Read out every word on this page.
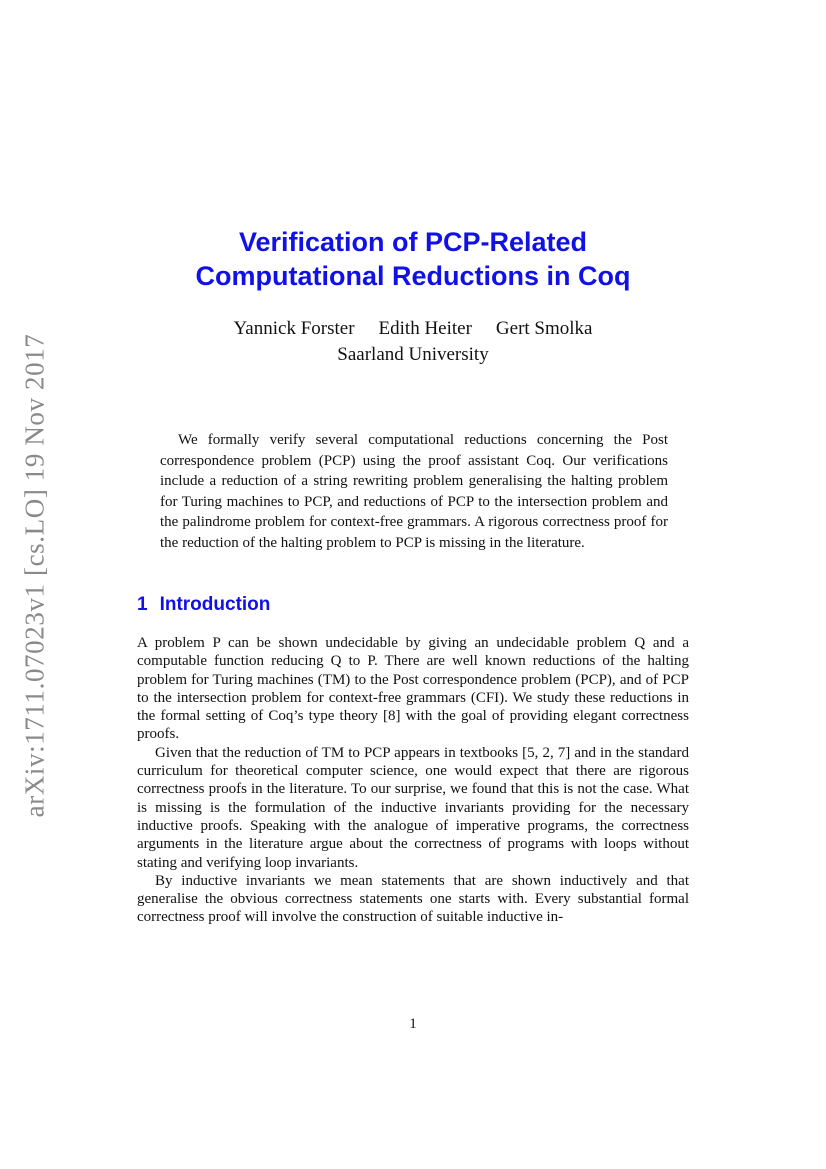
arXiv:1711.07023v1 [cs.LO] 19 Nov 2017
Verification of PCP-Related
Computational Reductions in Coq
Yannick Forster Edith Heiter Gert Smolka
Saarland University

We formally verify several computational reductions concerning the Post correspondence problem (PCP) using the proof assistant Coq. Our verifications include a reduction of a string rewriting problem generalising the halting problem for Turing machines to PCP, and reductions of PCP to the intersection problem and the palindrome problem for context-free grammars. A rigorous correctness proof for the reduction of the halting problem to PCP is missing in the literature.

1 Introduction

A problem P can be shown undecidable by giving an undecidable problem Q and a computable function reducing Q to P. There are well known reductions of the halting problem for Turing machines (TM) to the Post correspondence problem (PCP), and of PCP to the intersection problem for context-free grammars (CFI). We study these reductions in the formal setting of Coq’s type theory [8] with the goal of providing elegant correctness proofs.

Given that the reduction of TM to PCP appears in textbooks [5, 2, 7] and in the standard curriculum for theoretical computer science, one would expect that there are rigorous correctness proofs in the literature. To our surprise, we found that this is not the case. What is missing is the formulation of the inductive invariants providing for the necessary inductive proofs. Speaking with the analogue of imperative programs, the correctness arguments in the literature argue about the correctness of programs with loops without stating and verifying loop invariants.

By inductive invariants we mean statements that are shown inductively and that generalise the obvious correctness statements one starts with. Every substantial formal correctness proof will involve the construction of suitable inductive in-

1
